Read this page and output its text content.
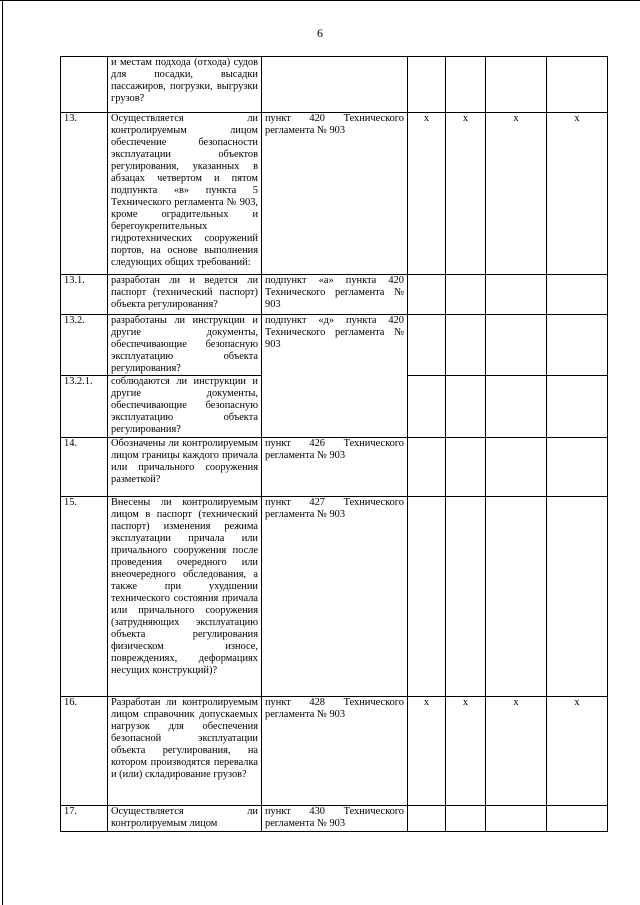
6
	и местам подхода (отхода) судов для посадки, высадки пассажиров, погрузки, выгрузки грузов?					
13.	Осуществляется ли контролируемым лицом обеспечение безопасности эксплуатации объектов регулирования, указанных в абзацах четвертом и пятом подпункта «в» пункта 5 Технического регламента № 903, кроме оградительных и берегоукрепительных гидротехнических сооружений портов, на основе выполнения следующих общих требований:	пункт 420 Технического регламента № 903	x	x	x	x
13.1.	разработан ли и ведется ли паспорт (технический паспорт) объекта регулирования?	подпункт «а» пункта 420 Технического регламента № 903				
13.2.	разработаны ли инструкции и другие документы, обеспечивающие безопасную эксплуатацию объекта регулирования?	подпункт «д» пункта 420 Технического регламента № 903				
13.2.1.	соблюдаются ли инструкции и другие документы, обеспечивающие безопасную эксплуатацию объекта регулирования?					
14.	Обозначены ли контролируемым лицом границы каждого причала или причального сооружения разметкой?	пункт 426 Технического регламента № 903				
15.	Внесены ли контролируемым лицом в паспорт (технический паспорт) изменения режима эксплуатации причала или причального сооружения после проведения очередного или внеочередного обследования, а также при ухудшении технического состояния причала или причального сооружения (затрудняющих эксплуатацию объекта регулирования физическом износе, повреждениях, деформациях несущих конструкций)?	пункт 427 Технического регламента № 903				
16.	Разработан ли контролируемым лицом справочник допускаемых нагрузок для обеспечения безопасной эксплуатации объекта регулирования, на котором производятся перевалка и (или) складирование грузов?	пункт 428 Технического регламента № 903	x	x	x	x
17.	Осуществляется ли контролируемым лицом	пункт 430 Технического регламента № 903				
